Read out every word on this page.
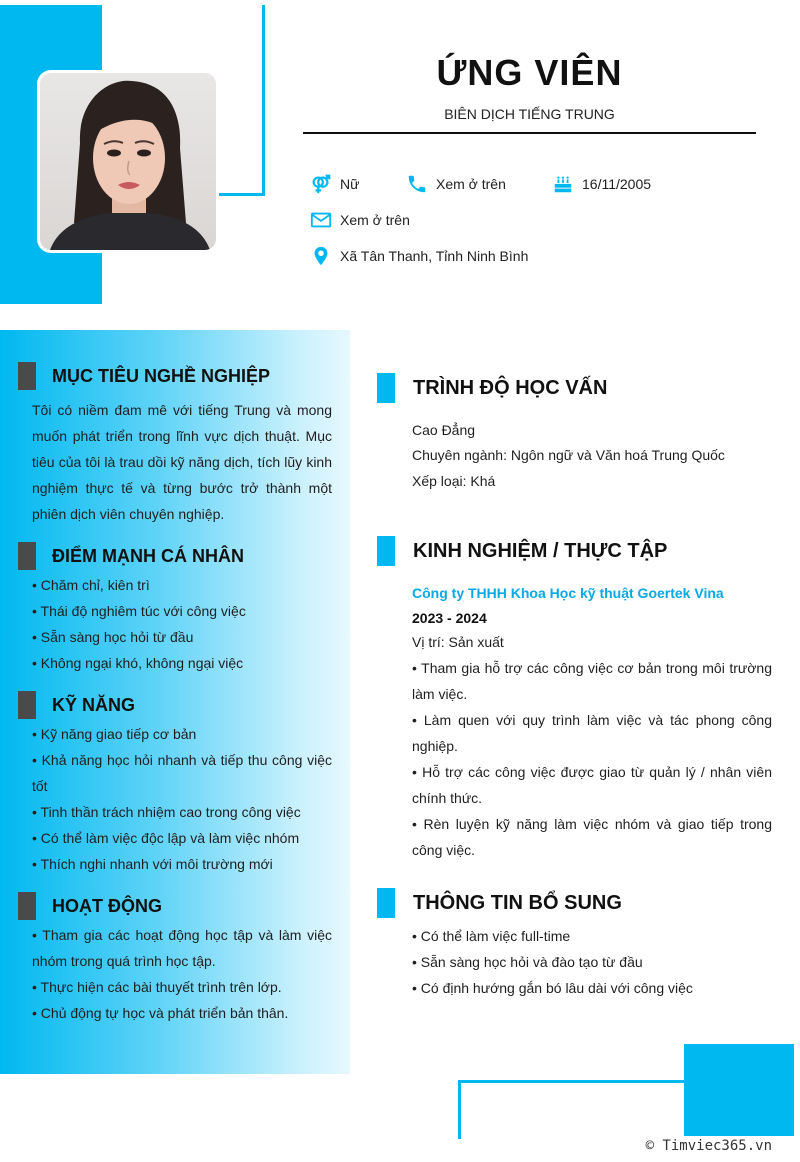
ỨNG VIÊN
BIÊN DỊCH TIẾNG TRUNG
Nữ	Xem ở trên	16/11/2005
Xem ở trên
Xã Tân Thanh, Tỉnh Ninh Bình
MỤC TIÊU NGHỀ NGHIỆP

Tôi có niềm đam mê với tiếng Trung và mong muốn phát triển trong lĩnh vực dịch thuật. Mục tiêu của tôi là trau dồi kỹ năng dịch, tích lũy kinh nghiệm thực tế và từng bước trở thành một phiên dịch viên chuyên nghiệp.

ĐIỂM MẠNH CÁ NHÂN
• Chăm chỉ, kiên trì
• Thái độ nghiêm túc với công việc
• Sẵn sàng học hỏi từ đầu
• Không ngại khó, không ngại việc
KỸ NĂNG
• Kỹ năng giao tiếp cơ bản
• Khả năng học hỏi nhanh và tiếp thu công việc tốt
• Tinh thần trách nhiệm cao trong công việc
• Có thể làm việc độc lập và làm việc nhóm
• Thích nghi nhanh với môi trường mới
HOẠT ĐỘNG
• Tham gia các hoạt động học tập và làm việc nhóm trong quá trình học tập.
• Thực hiện các bài thuyết trình trên lớp.
• Chủ động tự học và phát triển bản thân.
TRÌNH ĐỘ HỌC VẤN
Cao Đẳng
Chuyên ngành: Ngôn ngữ và Văn hoá Trung Quốc
Xếp loại: Khá
KINH NGHIỆM / THỰC TẬP
Công ty THHH Khoa Học kỹ thuật Goertek Vina
2023 - 2024
Vị trí: Sản xuất
• Tham gia hỗ trợ các công việc cơ bản trong môi trường làm việc.
• Làm quen với quy trình làm việc và tác phong công nghiệp.
• Hỗ trợ các công việc được giao từ quản lý / nhân viên chính thức.
• Rèn luyện kỹ năng làm việc nhóm và giao tiếp trong công việc.
THÔNG TIN BỔ SUNG
• Có thể làm việc full-time
• Sẵn sàng học hỏi và đào tạo từ đầu
• Có định hướng gắn bó lâu dài với công việc
© Timviec365.vn
